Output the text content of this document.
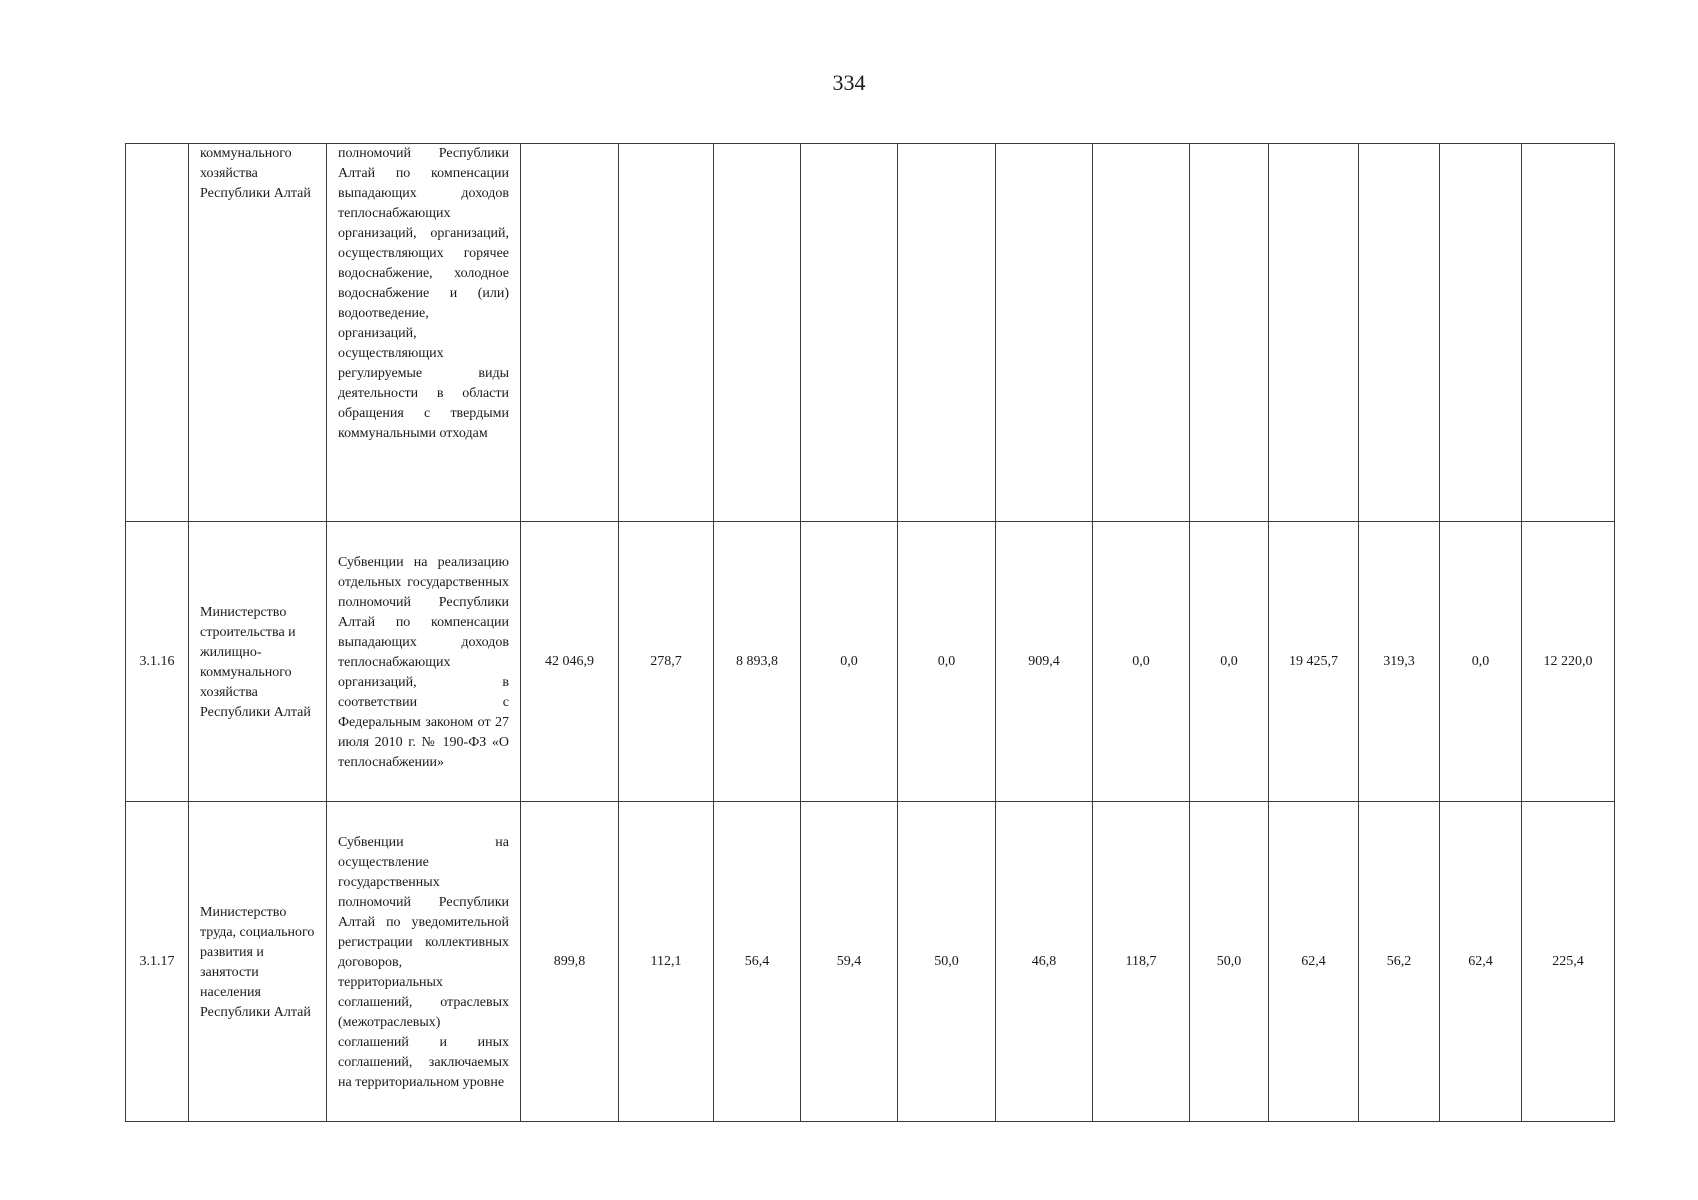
334
	коммунального хозяйства Республики Алтай	полномочий Республики Алтай по компенсации выпадающих доходов теплоснабжающих организаций, организаций, осуществляющих горячее водоснабжение, холодное водоснабжение и (или) водоотведение, организаций, осуществляющих регулируемые виды деятельности в области обращения с твердыми коммунальными отходам												
3.1.16	Министерство строительства и жилищно-коммунального хозяйства Республики Алтай	Субвенции на реализацию отдельных государственных полномочий Республики Алтай по компенсации выпадающих доходов теплоснабжающих организаций, в соответствии с Федеральным законом от 27 июля 2010 г. № 190-ФЗ «О теплоснабжении»	42 046,9	278,7	8 893,8	0,0	0,0	909,4	0,0	0,0	19 425,7	319,3	0,0	12 220,0
3.1.17	Министерство труда, социального развития и занятости населения Республики Алтай	Субвенции на осуществление государственных полномочий Республики Алтай по уведомительной регистрации коллективных договоров, территориальных соглашений, отраслевых (межотраслевых) соглашений и иных соглашений, заключаемых на территориальном уровне	899,8	112,1	56,4	59,4	50,0	46,8	118,7	50,0	62,4	56,2	62,4	225,4
